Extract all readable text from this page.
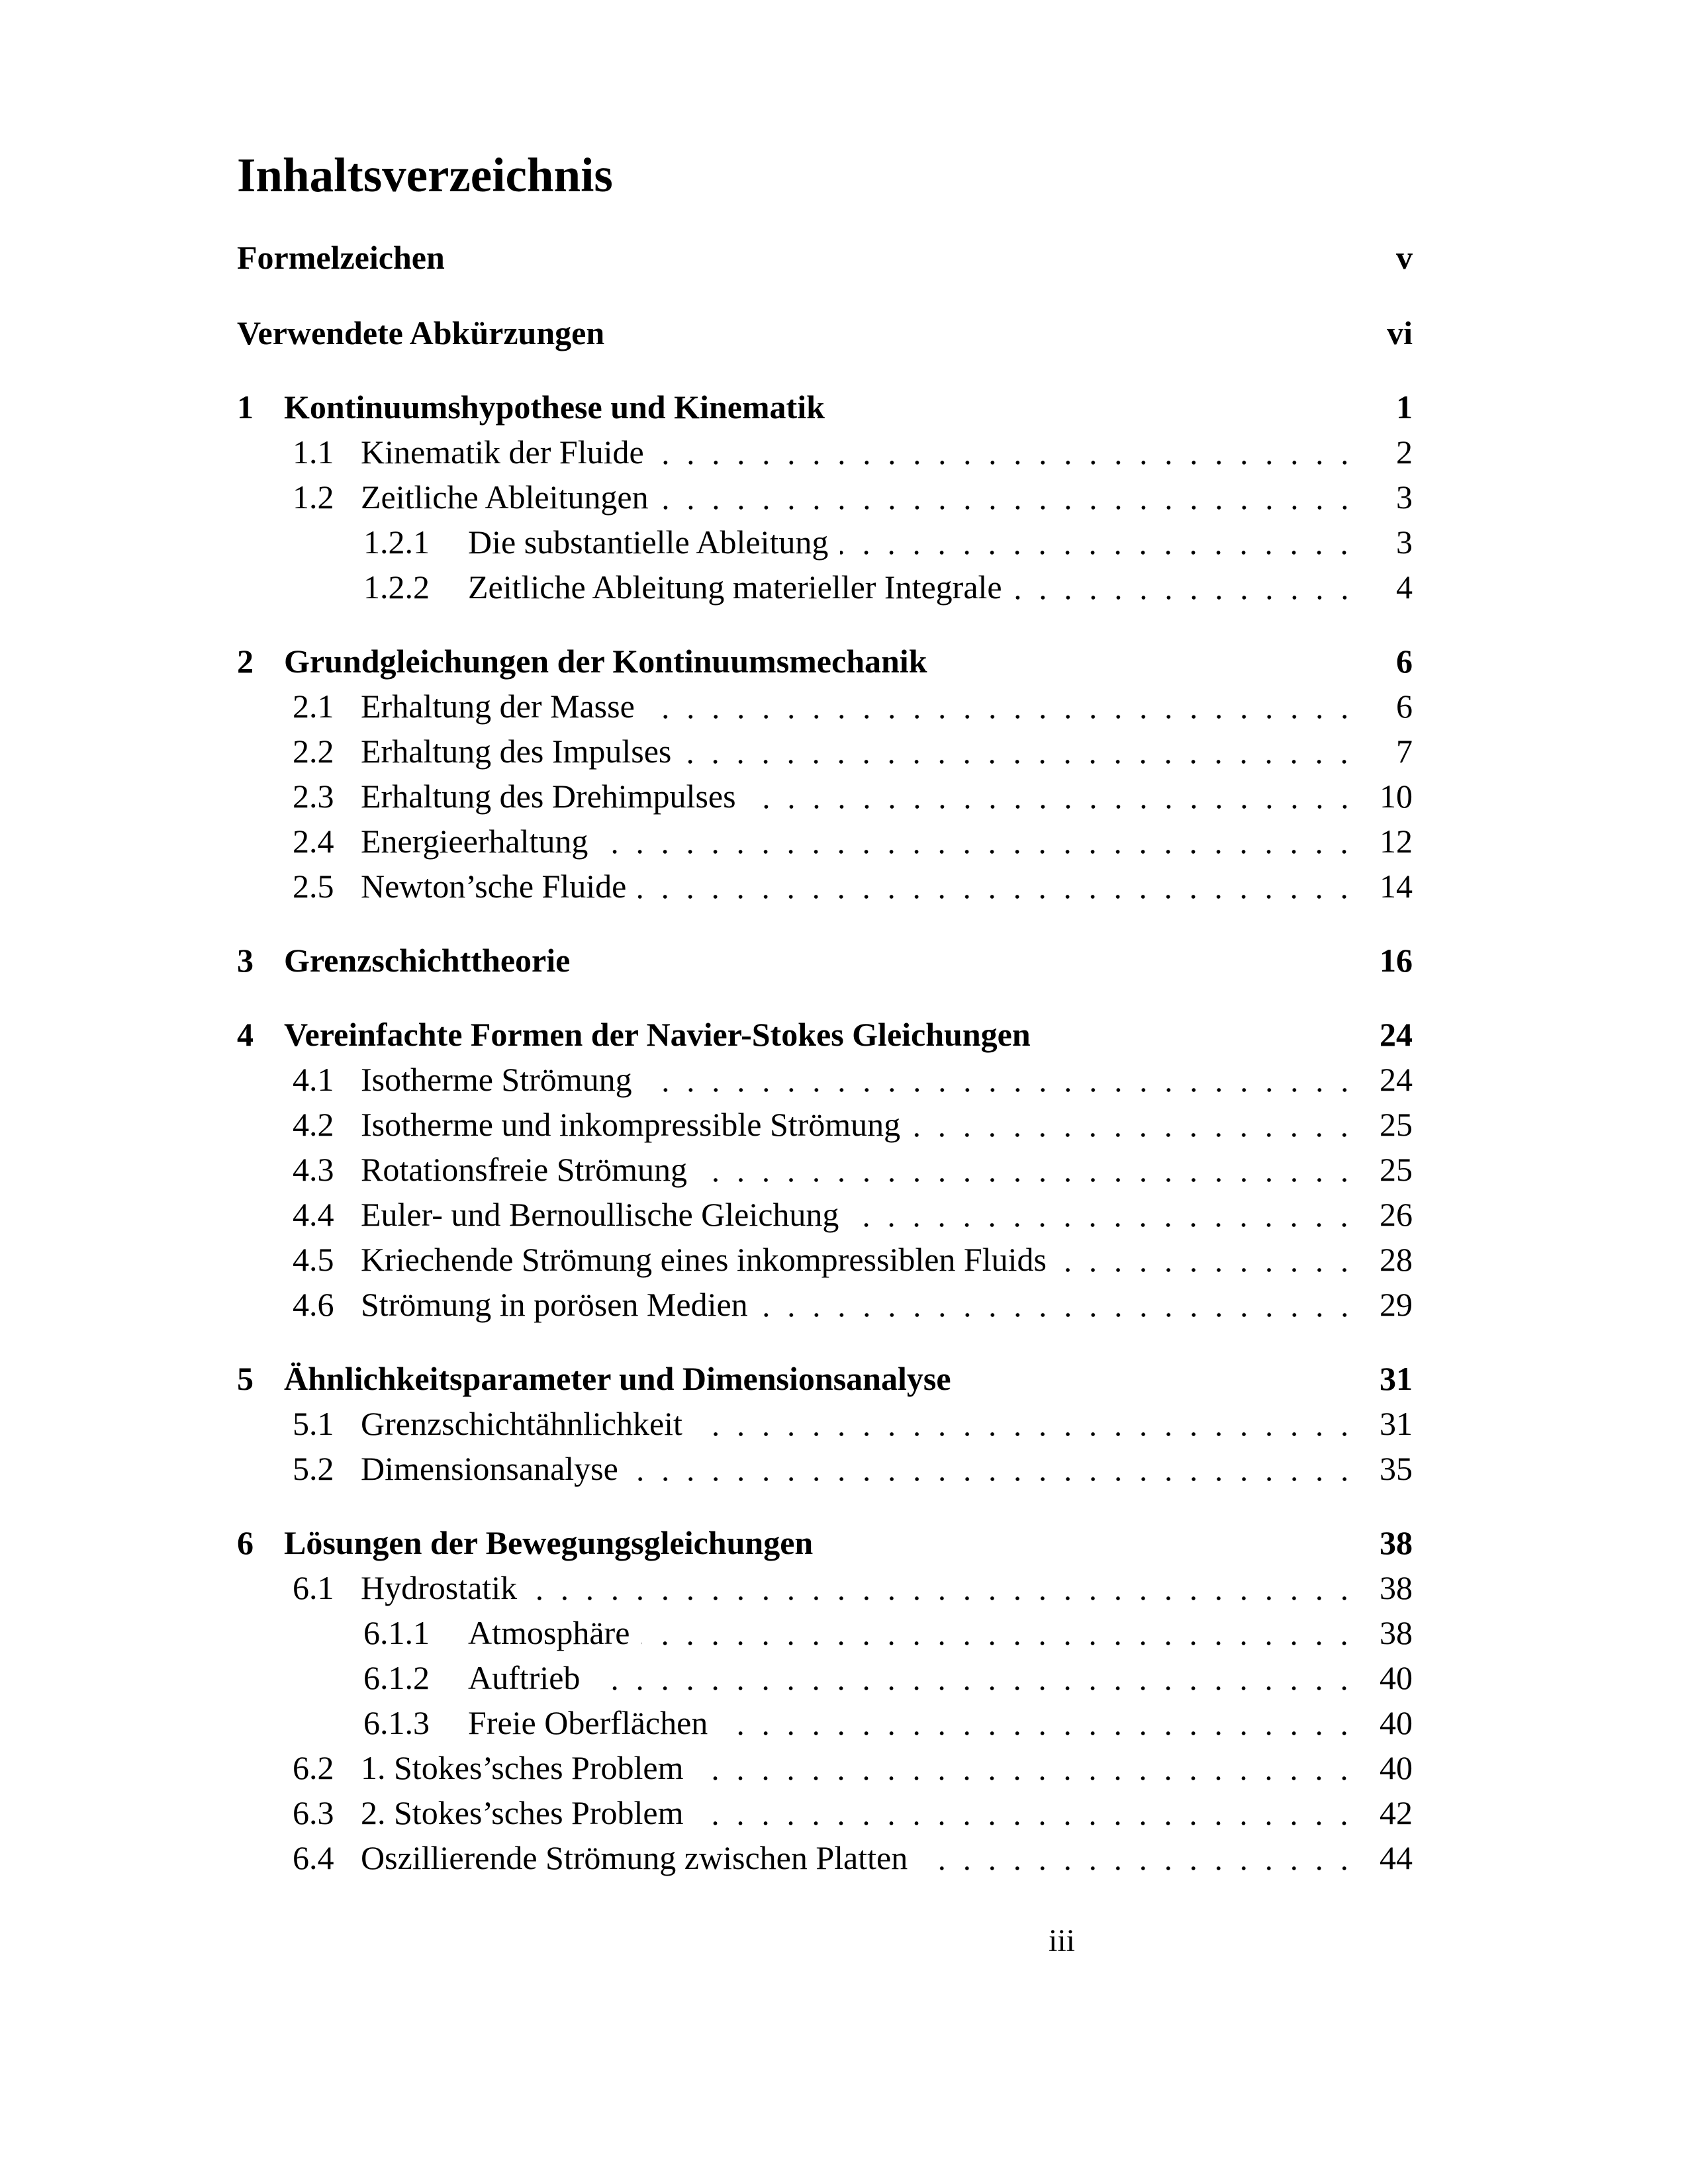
Inhaltsverzeichnis
Formelzeichen	v
Verwendete Abkürzungen	vi
1 Kontinuumshypothese und Kinematik	1
1.1 Kinematik der Fluide	2
1.2 Zeitliche Ableitungen	3
1.2.1	Die substantielle Ableitung	3
1.2.2	Zeitliche Ableitung materieller Integrale	4
2 Grundgleichungen der Kontinuumsmechanik	6
2.1 Erhaltung der Masse	6
2.2 Erhaltung des Impulses	7
2.3 Erhaltung des Drehimpulses	10
2.4 Energieerhaltung	12
2.5 Newton’sche Fluide	14
3 Grenzschichttheorie	16
4 Vereinfachte Formen der Navier-Stokes Gleichungen	24
4.1 Isotherme Strömung	24
4.2 Isotherme und inkompressible Strömung	25
4.3 Rotationsfreie Strömung	25
4.4 Euler- und Bernoullische Gleichung	26
4.5 Kriechende Strömung eines inkompressiblen Fluids	28
4.6 Strömung in porösen Medien	29
5 Ähnlichkeitsparameter und Dimensionsanalyse	31
5.1 Grenzschichtähnlichkeit	31
5.2 Dimensionsanalyse	35
6 Lösungen der Bewegungsgleichungen	38
6.1 Hydrostatik	38
6.1.1	Atmosphäre	38
6.1.2	Auftrieb	40
6.1.3	Freie Oberflächen	40
6.2 1. Stokes’sches Problem	40
6.3 2. Stokes’sches Problem	42
6.4 Oszillierende Strömung zwischen Platten	44
iii
